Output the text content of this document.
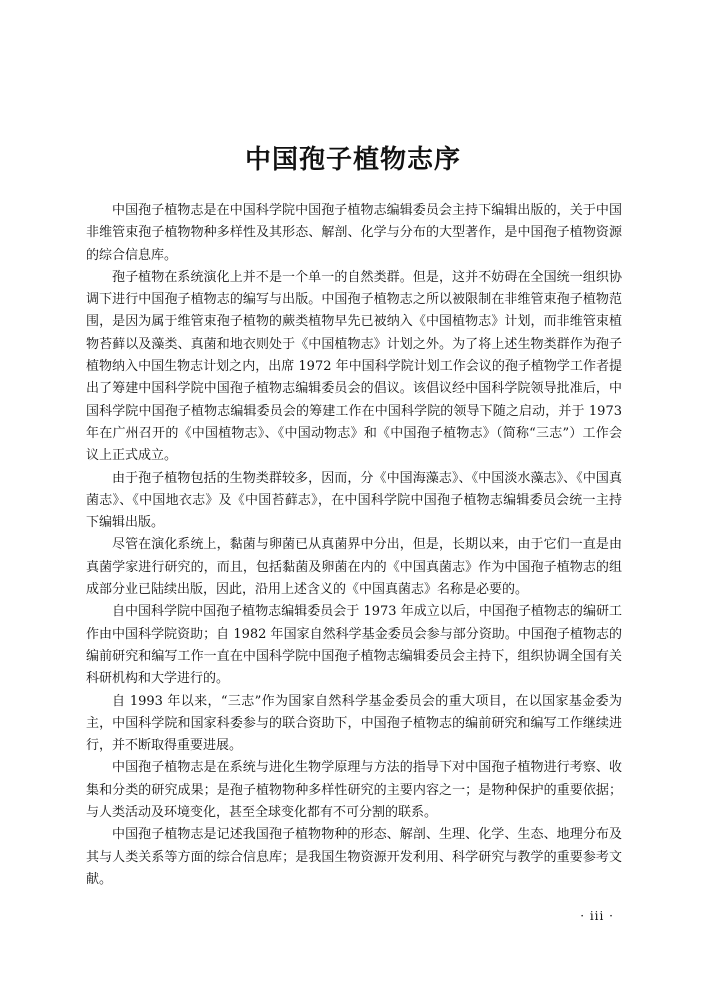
中国孢子植物志序

中国孢子植物志是在中国科学院中国孢子植物志编辑委员会主持下编辑出版的，关于中国非维管束孢子植物物种多样性及其形态、解剖、化学与分布的大型著作，是中国孢子植物资源的综合信息库。

孢子植物在系统演化上并不是一个单一的自然类群。但是，这并不妨碍在全国统一组织协调下进行中国孢子植物志的编写与出版。中国孢子植物志之所以被限制在非维管束孢子植物范围，是因为属于维管束孢子植物的蕨类植物早先已被纳入《中国植物志》计划，而非维管束植物苔藓以及藻类、真菌和地衣则处于《中国植物志》计划之外。为了将上述生物类群作为孢子植物纳入中国生物志计划之内，出席 1972 年中国科学院计划工作会议的孢子植物学工作者提出了筹建中国科学院中国孢子植物志编辑委员会的倡议。该倡议经中国科学院领导批准后，中国科学院中国孢子植物志编辑委员会的筹建工作在中国科学院的领导下随之启动，并于 1973 年在广州召开的《中国植物志》、《中国动物志》和《中国孢子植物志》（简称“三志”）工作会议上正式成立。

由于孢子植物包括的生物类群较多，因而，分《中国海藻志》、《中国淡水藻志》、《中国真菌志》、《中国地衣志》及《中国苔藓志》，在中国科学院中国孢子植物志编辑委员会统一主持下编辑出版。

尽管在演化系统上，黏菌与卵菌已从真菌界中分出，但是，长期以来，由于它们一直是由真菌学家进行研究的，而且，包括黏菌及卵菌在内的《中国真菌志》作为中国孢子植物志的组成部分业已陆续出版，因此，沿用上述含义的《中国真菌志》名称是必要的。

自中国科学院中国孢子植物志编辑委员会于 1973 年成立以后，中国孢子植物志的编研工作由中国科学院资助；自 1982 年国家自然科学基金委员会参与部分资助。中国孢子植物志的编前研究和编写工作一直在中国科学院中国孢子植物志编辑委员会主持下，组织协调全国有关科研机构和大学进行的。

自 1993 年以来，“三志”作为国家自然科学基金委员会的重大项目，在以国家基金委为主，中国科学院和国家科委参与的联合资助下，中国孢子植物志的编前研究和编写工作继续进行，并不断取得重要进展。

中国孢子植物志是在系统与进化生物学原理与方法的指导下对中国孢子植物进行考察、收集和分类的研究成果；是孢子植物物种多样性研究的主要内容之一；是物种保护的重要依据；与人类活动及环境变化，甚至全球变化都有不可分割的联系。

中国孢子植物志是记述我国孢子植物物种的形态、解剖、生理、化学、生态、地理分布及其与人类关系等方面的综合信息库；是我国生物资源开发利用、科学研究与教学的重要参考文献。

· iii ·
